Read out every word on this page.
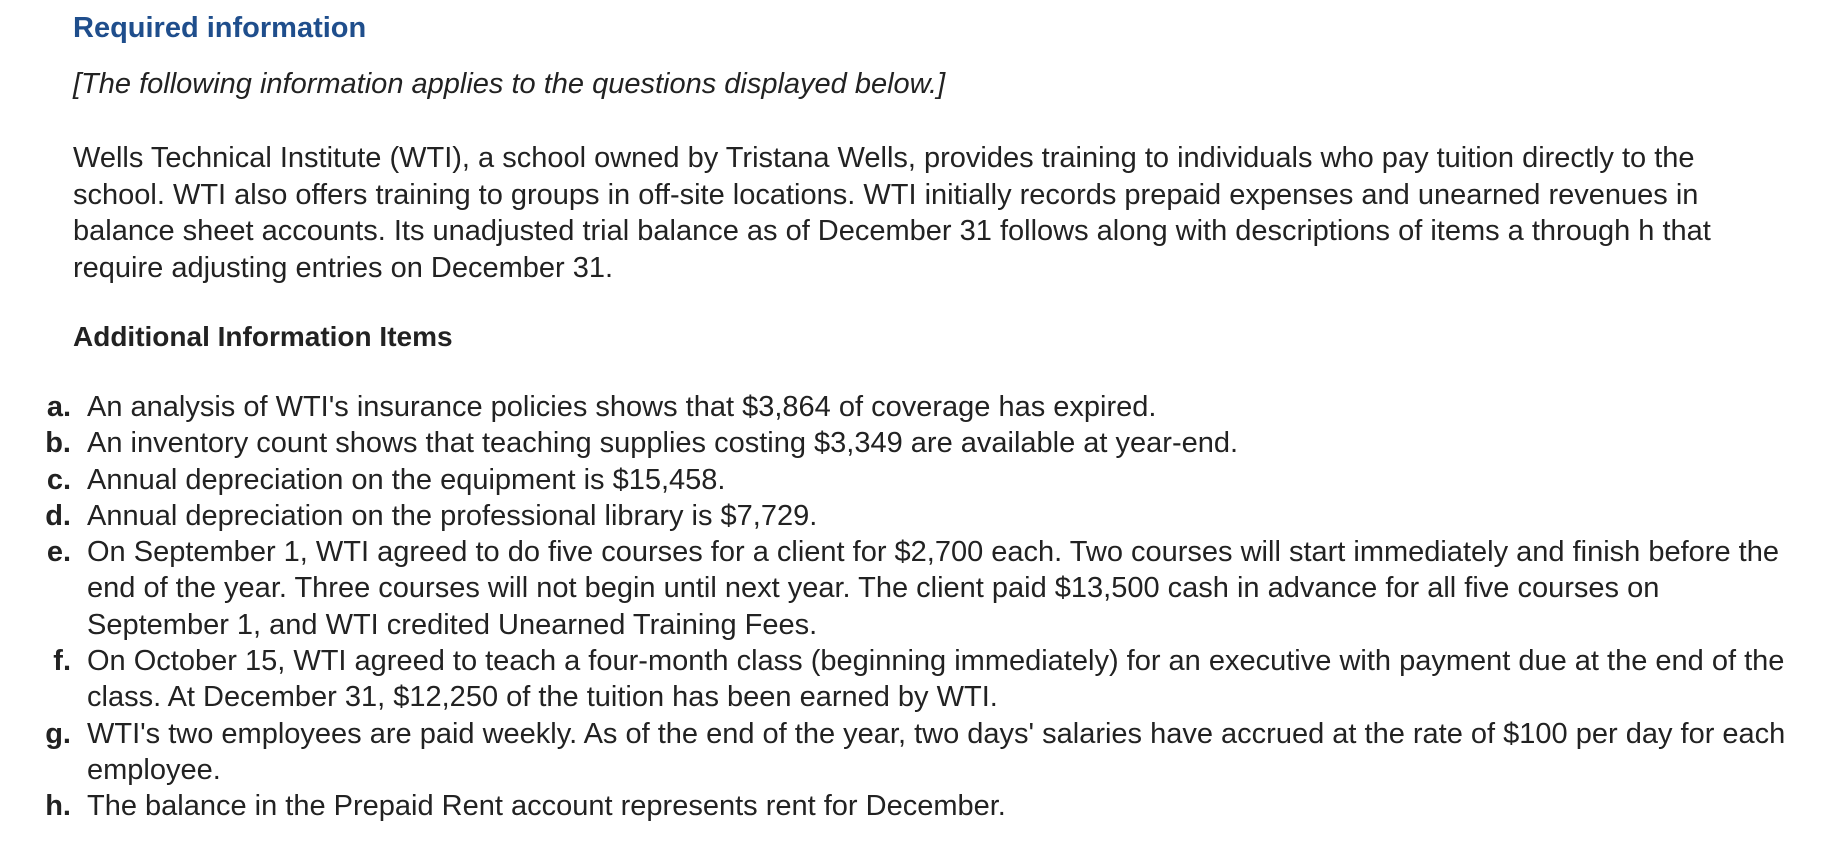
Required information

[The following information applies to the questions displayed below.]

Wells Technical Institute (WTI), a school owned by Tristana Wells, provides training to individuals who pay tuition directly to the school. WTI also offers training to groups in off-site locations. WTI initially records prepaid expenses and unearned revenues in balance sheet accounts. Its unadjusted trial balance as of December 31 follows along with descriptions of items a through h that require adjusting entries on December 31.

Additional Information Items
a. An analysis of WTI's insurance policies shows that $3,864 of coverage has expired.
b. An inventory count shows that teaching supplies costing $3,349 are available at year-end.
c. Annual depreciation on the equipment is $15,458.
d. Annual depreciation on the professional library is $7,729.
e. On September 1, WTI agreed to do five courses for a client for $2,700 each. Two courses will start immediately and finish before the end of the year. Three courses will not begin until next year. The client paid $13,500 cash in advance for all five courses on September 1, and WTI credited Unearned Training Fees.
f. On October 15, WTI agreed to teach a four-month class (beginning immediately) for an executive with payment due at the end of the class. At December 31, $12,250 of the tuition has been earned by WTI.
g. WTI's two employees are paid weekly. As of the end of the year, two days' salaries have accrued at the rate of $100 per day for each employee.
h. The balance in the Prepaid Rent account represents rent for December.
